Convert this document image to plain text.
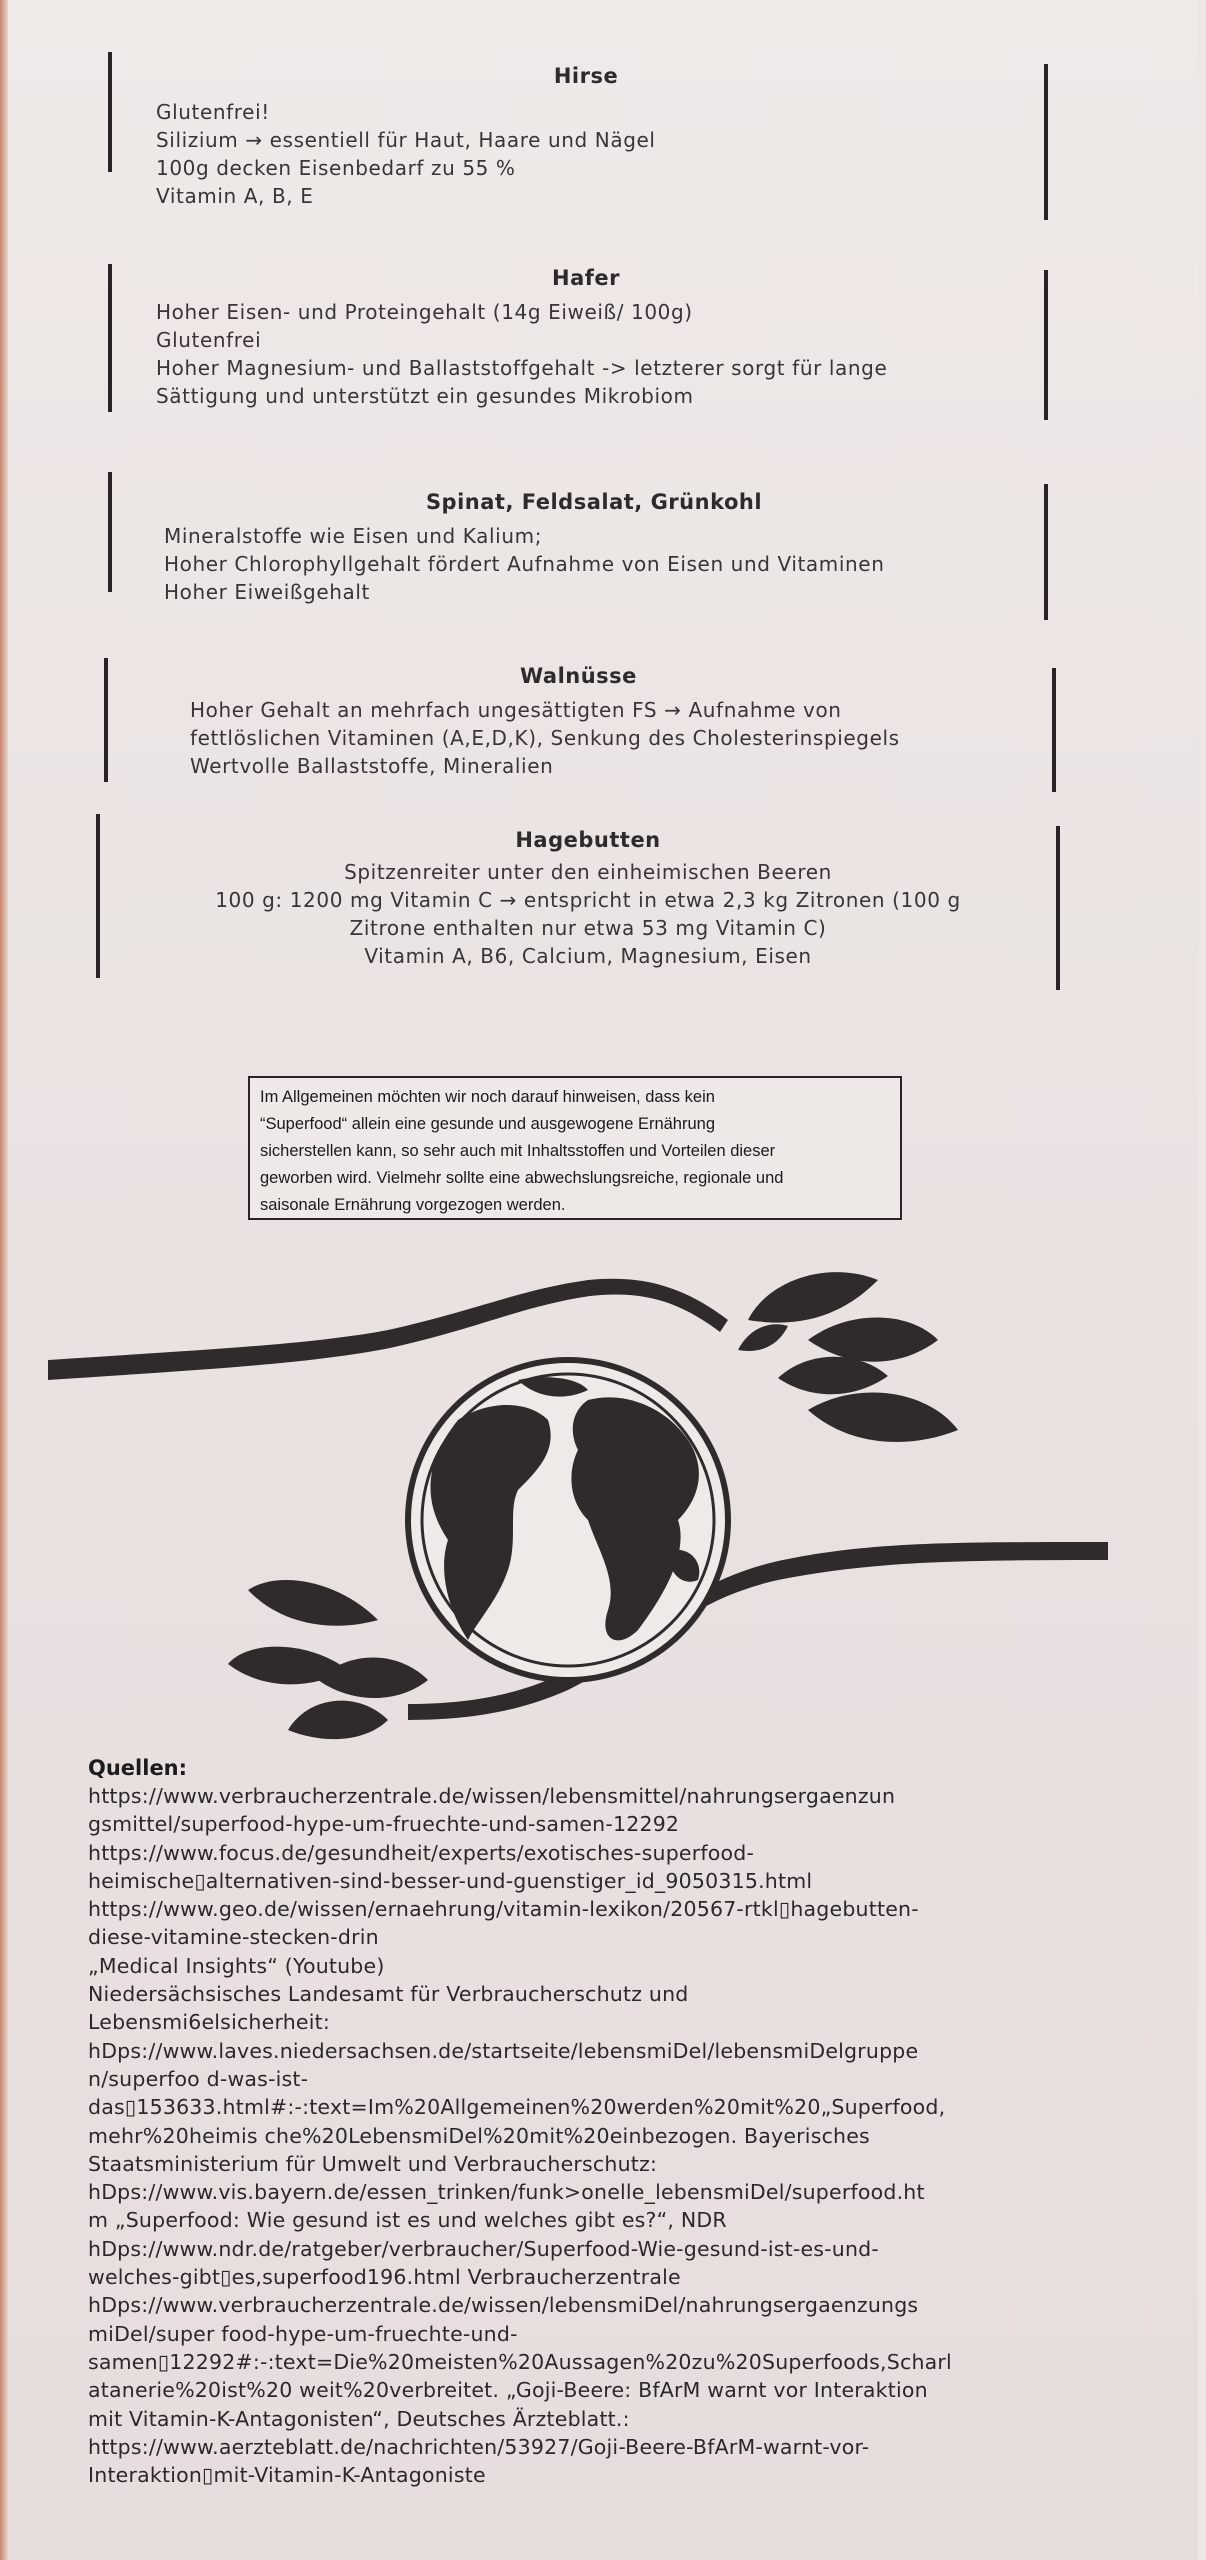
Hirse
Glutenfrei!
Silizium → essentiell für Haut, Haare und Nägel
100g decken Eisenbedarf zu 55 %
Vitamin A, B, E
Hafer
Hoher Eisen- und Proteingehalt (14g Eiweiß/ 100g)
Glutenfrei
Hoher Magnesium- und Ballaststoffgehalt -> letzterer sorgt für lange
Sättigung und unterstützt ein gesundes Mikrobiom
Spinat, Feldsalat, Grünkohl
Mineralstoffe wie Eisen und Kalium;
Hoher Chlorophyllgehalt fördert Aufnahme von Eisen und Vitaminen
Hoher Eiweißgehalt
Walnüsse
Hoher Gehalt an mehrfach ungesättigten FS → Aufnahme von
fettlöslichen Vitaminen (A,E,D,K), Senkung des Cholesterinspiegels
Wertvolle Ballaststoffe, Mineralien
Hagebutten
Spitzenreiter unter den einheimischen Beeren
100 g: 1200 mg Vitamin C → entspricht in etwa 2,3 kg Zitronen (100 g
Zitrone enthalten nur etwa 53 mg Vitamin C)
Vitamin A, B6, Calcium, Magnesium, Eisen
Im Allgemeinen möchten wir noch darauf hinweisen, dass kein
“Superfood“ allein eine gesunde und ausgewogene Ernährung
sicherstellen kann, so sehr auch mit Inhaltsstoffen und Vorteilen dieser
geworben wird. Vielmehr sollte eine abwechslungsreiche, regionale und
saisonale Ernährung vorgezogen werden.
Quellen:
https://www.verbraucherzentrale.de/wissen/lebensmittel/nahrungsergaenzun
gsmittel/superfood-hype-um-fruechte-und-samen-12292
https://www.focus.de/gesundheit/experts/exotisches-superfood-
heimische▯alternativen-sind-besser-und-guenstiger_id_9050315.html
https://www.geo.de/wissen/ernaehrung/vitamin-lexikon/20567-rtkl▯hagebutten-
diese-vitamine-stecken-drin
„Medical Insights“ (Youtube)
Niedersächsisches Landesamt für Verbraucherschutz und
Lebensmi6elsicherheit:
hDps://www.laves.niedersachsen.de/startseite/lebensmiDel/lebensmiDelgruppe
n/superfoo d-was-ist-
das▯153633.html#:-:text=Im%20Allgemeinen%20werden%20mit%20„Superfood,
mehr%20heimis che%20LebensmiDel%20mit%20einbezogen. Bayerisches
Staatsministerium für Umwelt und Verbraucherschutz:
hDps://www.vis.bayern.de/essen_trinken/funk>onelle_lebensmiDel/superfood.ht
m „Superfood: Wie gesund ist es und welches gibt es?“, NDR
hDps://www.ndr.de/ratgeber/verbraucher/Superfood-Wie-gesund-ist-es-und-
welches-gibt▯es,superfood196.html Verbraucherzentrale
hDps://www.verbraucherzentrale.de/wissen/lebensmiDel/nahrungsergaenzungs
miDel/super food-hype-um-fruechte-und-
samen▯12292#:-:text=Die%20meisten%20Aussagen%20zu%20Superfoods,Scharl
atanerie%20ist%20 weit%20verbreitet. „Goji-Beere: BfArM warnt vor Interaktion
mit Vitamin-K-Antagonisten“, Deutsches Ärzteblatt.:
https://www.aerzteblatt.de/nachrichten/53927/Goji-Beere-BfArM-warnt-vor-
Interaktion▯mit-Vitamin-K-Antagoniste
